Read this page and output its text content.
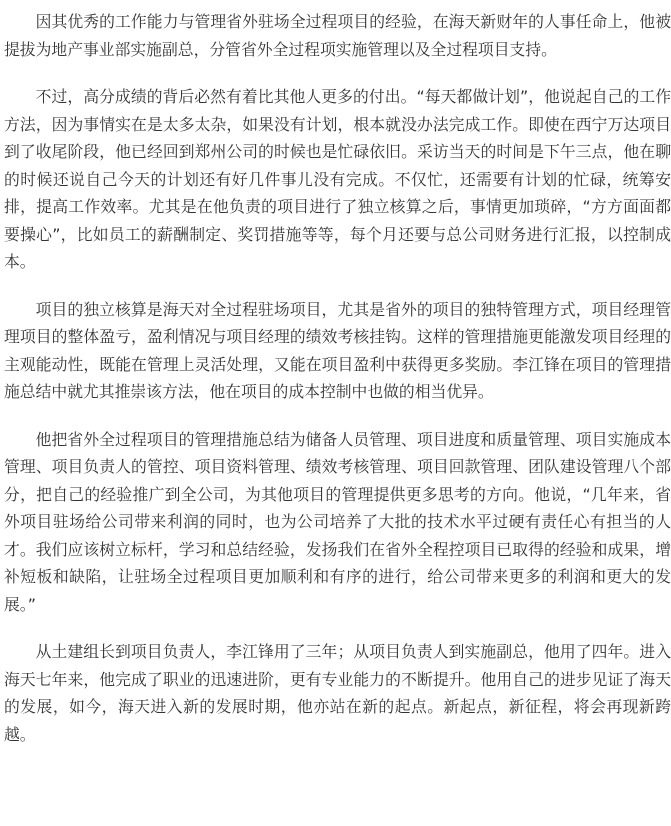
因其优秀的工作能力与管理省外驻场全过程项目的经验，在海天新财年的人事任命上，他被提拔为地产事业部实施副总，分管省外全过程项实施管理以及全过程项目支持。

不过，高分成绩的背后必然有着比其他人更多的付出。“每天都做计划”，他说起自己的工作方法，因为事情实在是太多太杂，如果没有计划，根本就没办法完成工作。即使在西宁万达项目到了收尾阶段，他已经回到郑州公司的时候也是忙碌依旧。采访当天的时间是下午三点，他在聊的时候还说自己今天的计划还有好几件事儿没有完成。不仅忙，还需要有计划的忙碌，统筹安排，提高工作效率。尤其是在他负责的项目进行了独立核算之后，事情更加琐碎，“方方面面都要操心”，比如员工的薪酬制定、奖罚措施等等，每个月还要与总公司财务进行汇报，以控制成本。

项目的独立核算是海天对全过程驻场项目，尤其是省外的项目的独特管理方式，项目经理管理项目的整体盈亏，盈利情况与项目经理的绩效考核挂钩。这样的管理措施更能激发项目经理的主观能动性，既能在管理上灵活处理，又能在项目盈利中获得更多奖励。李江锋在项目的管理措施总结中就尤其推崇该方法，他在项目的成本控制中也做的相当优异。

他把省外全过程项目的管理措施总结为储备人员管理、项目进度和质量管理、项目实施成本管理、项目负责人的管控、项目资料管理、绩效考核管理、项目回款管理、团队建设管理八个部分，把自己的经验推广到全公司，为其他项目的管理提供更多思考的方向。他说，“几年来，省外项目驻场给公司带来利润的同时，也为公司培养了大批的技术水平过硬有责任心有担当的人才。我们应该树立标杆，学习和总结经验，发扬我们在省外全程控项目已取得的经验和成果，增补短板和缺陷，让驻场全过程项目更加顺利和有序的进行，给公司带来更多的利润和更大的发展。”

从土建组长到项目负责人，李江锋用了三年；从项目负责人到实施副总，他用了四年。进入海天七年来，他完成了职业的迅速进阶，更有专业能力的不断提升。他用自己的进步见证了海天的发展，如今，海天进入新的发展时期，他亦站在新的起点。新起点，新征程，将会再现新跨越。
